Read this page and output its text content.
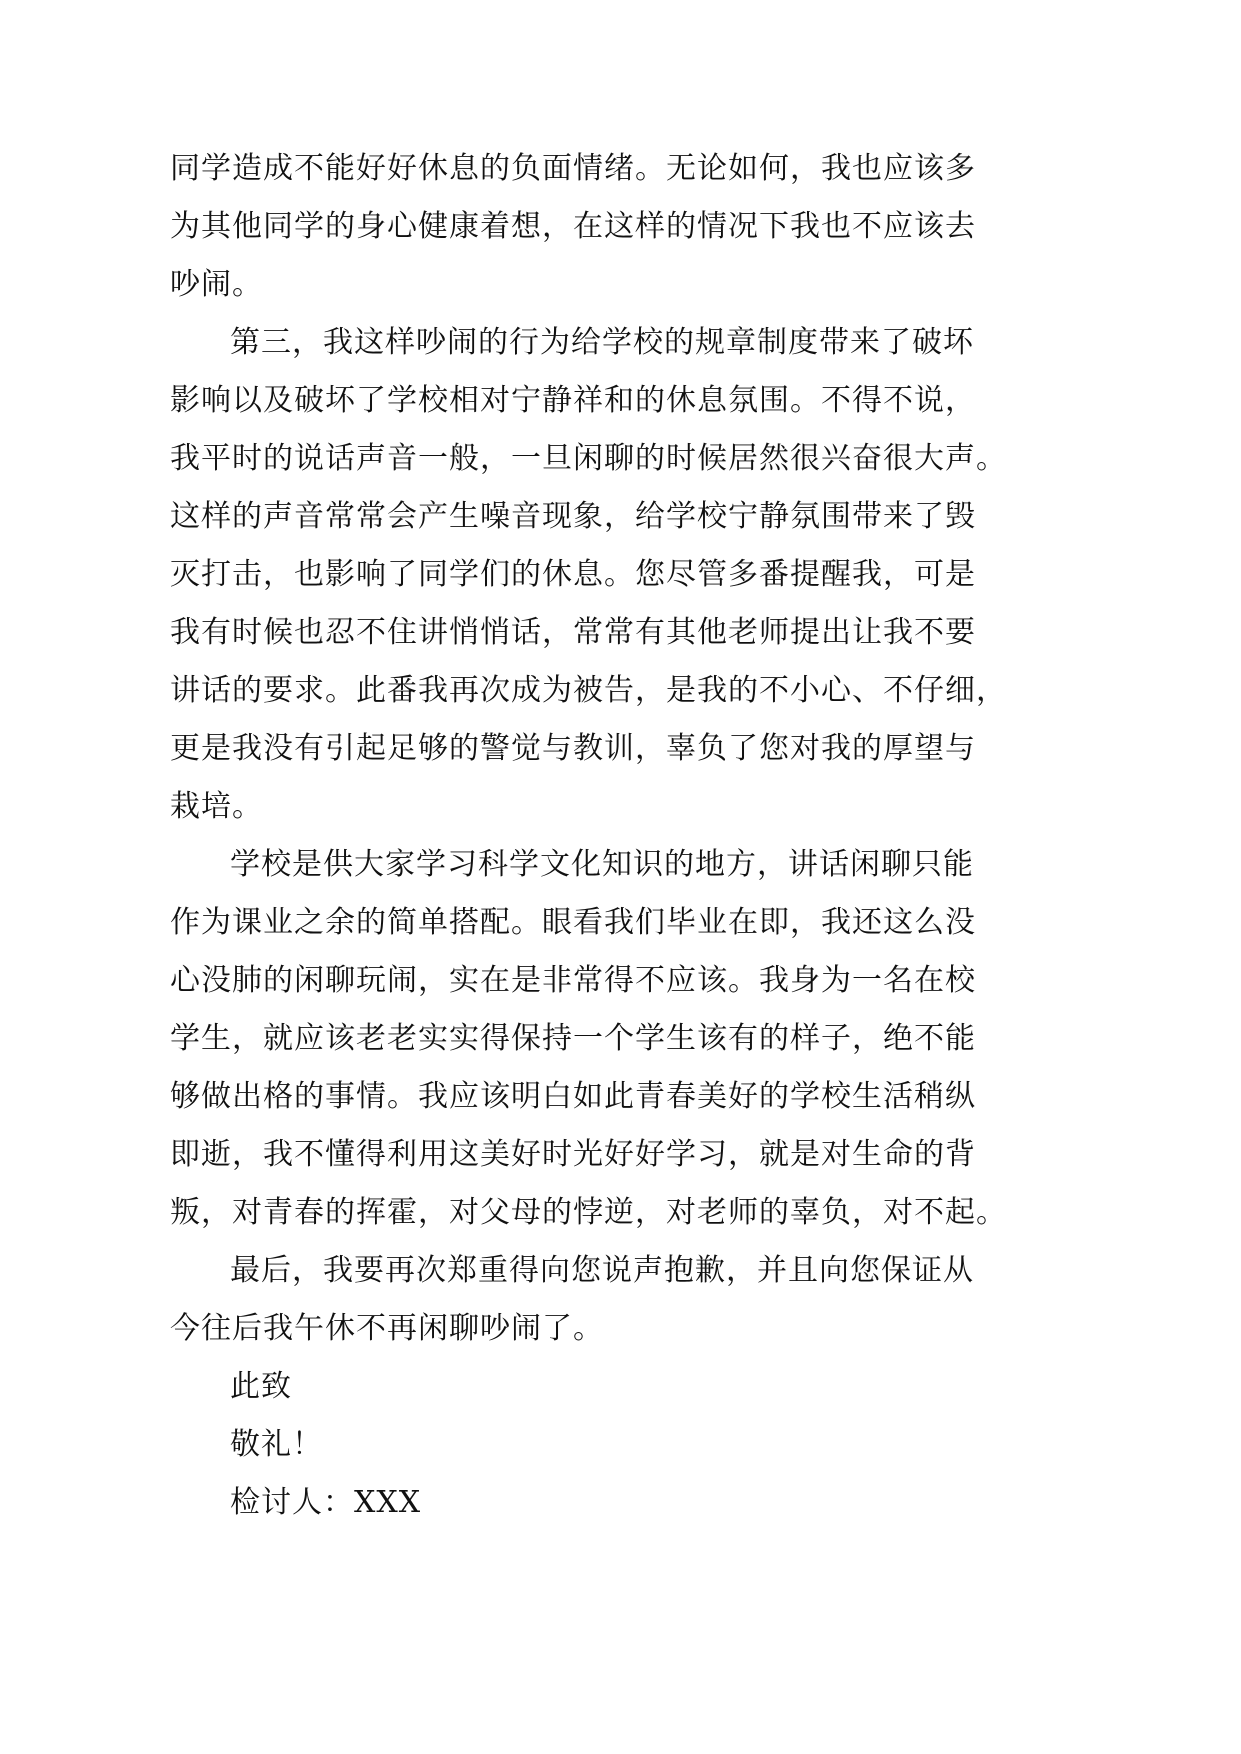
同学造成不能好好休息的负面情绪。无论如何，我也应该多
为其他同学的身心健康着想，在这样的情况下我也不应该去
吵闹。
第三，我这样吵闹的行为给学校的规章制度带来了破坏
影响以及破坏了学校相对宁静祥和的休息氛围。不得不说，
我平时的说话声音一般，一旦闲聊的时候居然很兴奋很大声。
这样的声音常常会产生噪音现象，给学校宁静氛围带来了毁
灭打击，也影响了同学们的休息。您尽管多番提醒我，可是
我有时候也忍不住讲悄悄话，常常有其他老师提出让我不要
讲话的要求。此番我再次成为被告，是我的不小心、不仔细，
更是我没有引起足够的警觉与教训，辜负了您对我的厚望与
栽培。
学校是供大家学习科学文化知识的地方，讲话闲聊只能
作为课业之余的简单搭配。眼看我们毕业在即，我还这么没
心没肺的闲聊玩闹，实在是非常得不应该。我身为一名在校
学生，就应该老老实实得保持一个学生该有的样子，绝不能
够做出格的事情。我应该明白如此青春美好的学校生活稍纵
即逝，我不懂得利用这美好时光好好学习，就是对生命的背
叛，对青春的挥霍，对父母的悖逆，对老师的辜负，对不起。
最后，我要再次郑重得向您说声抱歉，并且向您保证从
今往后我午休不再闲聊吵闹了。
此致
敬礼！
检讨人：XXX
